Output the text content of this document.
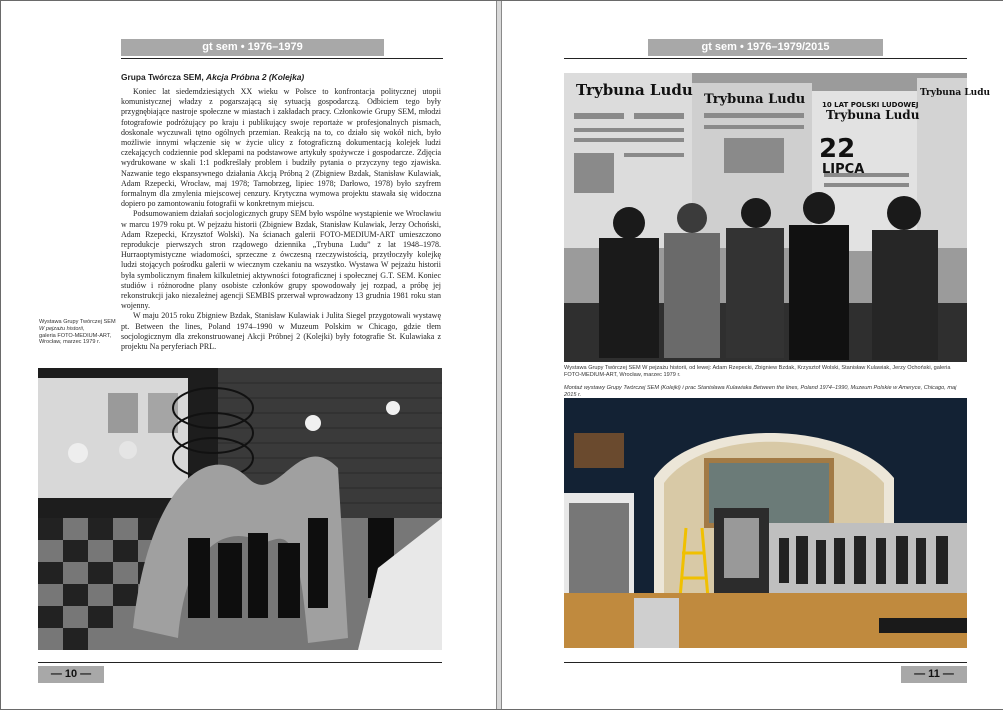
gt sem • 1976–1979
Grupa Twórcza SEM, Akcja Próbna 2 (Kolejka)

Koniec lat siedemdziesiątych XX wieku w Polsce to konfrontacja politycznej utopii komunistycznej władzy z pogarszającą się sytuacją gospodarczą. Odbiciem tego były przygnębiające nastroje społeczne w miastach i zakładach pracy. Członkowie Grupy SEM, młodzi fotografowie podróżujący po kraju i publikujący swoje reportaże w profesjonalnych pismach, doskonale wyczuwali tętno ogólnych przemian. Reakcją na to, co działo się wokół nich, było możliwie innymi włączenie się w życie ulicy z fotograficzną dokumentacją kolejek ludzi czekających codziennie pod sklepami na podstawowe artykuły spożywcze i gospodarcze. Zdjęcia wydrukowane w skali 1:1 podkreślały problem i budziły pytania o przyczyny tego zjawiska. Nazwanie tego ekspansywnego działania Akcją Próbną 2 (Zbigniew Bzdak, Stanisław Kulawiak, Adam Rzepecki, Wrocław, maj 1978; Tarnobrzeg, lipiec 1978; Darłowo, 1978) było szyfrem formalnym dla zmylenia miejscowej cenzury. Krytyczna wymowa projektu stawała się widoczna dopiero po zamontowaniu fotografii w konkretnym miejscu.

Podsumowaniem działań socjologicznych grupy SEM było wspólne wystąpienie we Wrocławiu w marcu 1979 roku pt. W pejzażu historii (Zbigniew Bzdak, Stanisław Kulawiak, Jerzy Ochoński, Adam Rzepecki, Krzysztof Wolski). Na ścianach galerii FOTO-MEDIUM-ART umieszczono reprodukcje pierwszych stron rządowego dziennika „Trybuna Ludu” z lat 1948–1978. Hurraoptymistyczne wiadomości, sprzeczne z ówczesną rzeczywistością, przytłoczyły kolejkę ludzi stojących pośrodku galerii w wiecznym czekaniu na wszystko. Wystawa W pejzażu historii była symbolicznym finałem kilkuletniej aktywności fotograficznej i społecznej G.T. SEM. Koniec studiów i różnorodne plany osobiste członków grupy spowodowały jej rozpad, a próbę jej rekonstrukcji jako niezależnej agencji SEMBIS przerwał wprowadzony 13 grudnia 1981 roku stan wojenny.

W maju 2015 roku Zbigniew Bzdak, Stanisław Kulawiak i Julita Siegel przygotowali wystawę pt. Between the lines, Poland 1974–1990 w Muzeum Polskim w Chicago, gdzie tłem socjologicznym dla zrekonstruowanej Akcji Próbnej 2 (Kolejki) były fotografie St. Kulawiaka z projektu Na peryferiach PRL.

Wystawa Grupy Twórczej SEM
W pejzażu historii,
galeria FOTO-MEDIUM-ART,
Wrocław, marzec 1979 r.
— 10 —
gt sem • 1976–1979/2015
Trybuna Ludu
Trybuna Ludu 10 LAT POLSKI LUDOWEJ
Trybuna Ludu
22
LIPCA
Trybuna Ludu
Wystawa Grupy Twórczej SEM W pejzażu historii, od lewej: Adam Rzepecki, Zbigniew Bzdak, Krzysztof Wolski, Stanisław Kulawiak, Jerzy Ochoński, galeria FOTO-MEDIUM-ART, Wrocław, marzec 1979 r.
Montaż wystawy Grupy Twórczej SEM (Kolejki) i prac Stanisława Kulawiaka Between the lines, Poland 1974–1990, Muzeum Polskie w Ameryce, Chicago, maj 2015 r.
— 11 —
